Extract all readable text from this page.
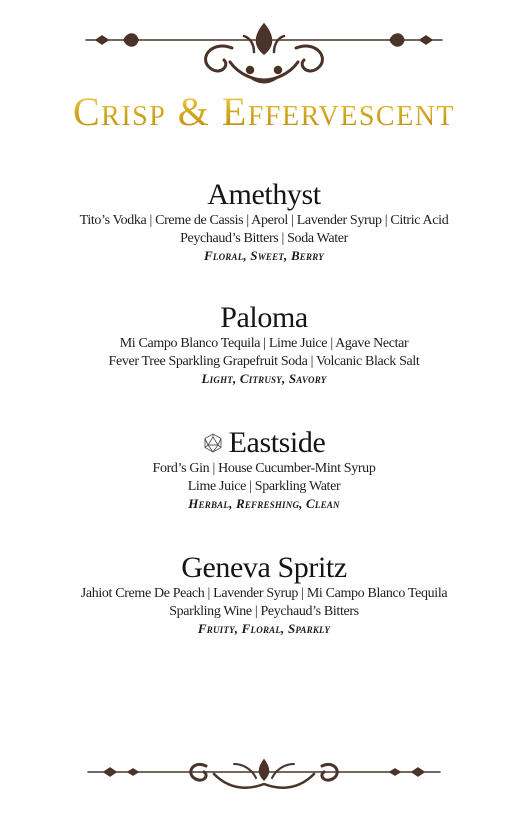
Crisp & Effervescent
Amethyst
Tito’s Vodka | Creme de Cassis | Aperol | Lavender Syrup | Citric Acid
Peychaud’s Bitters | Soda Water
Floral, Sweet, Berry
Paloma
Mi Campo Blanco Tequila | Lime Juice | Agave Nectar
Fever Tree Sparkling Grapefruit Soda | Volcanic Black Salt
Light, Citrusy, Savory
Eastside
Ford’s Gin | House Cucumber-Mint Syrup
Lime Juice | Sparkling Water
Herbal, Refreshing, Clean
Geneva Spritz
Jahiot Creme De Peach | Lavender Syrup | Mi Campo Blanco Tequila
Sparkling Wine | Peychaud’s Bitters
Fruity, Floral, Sparkly
